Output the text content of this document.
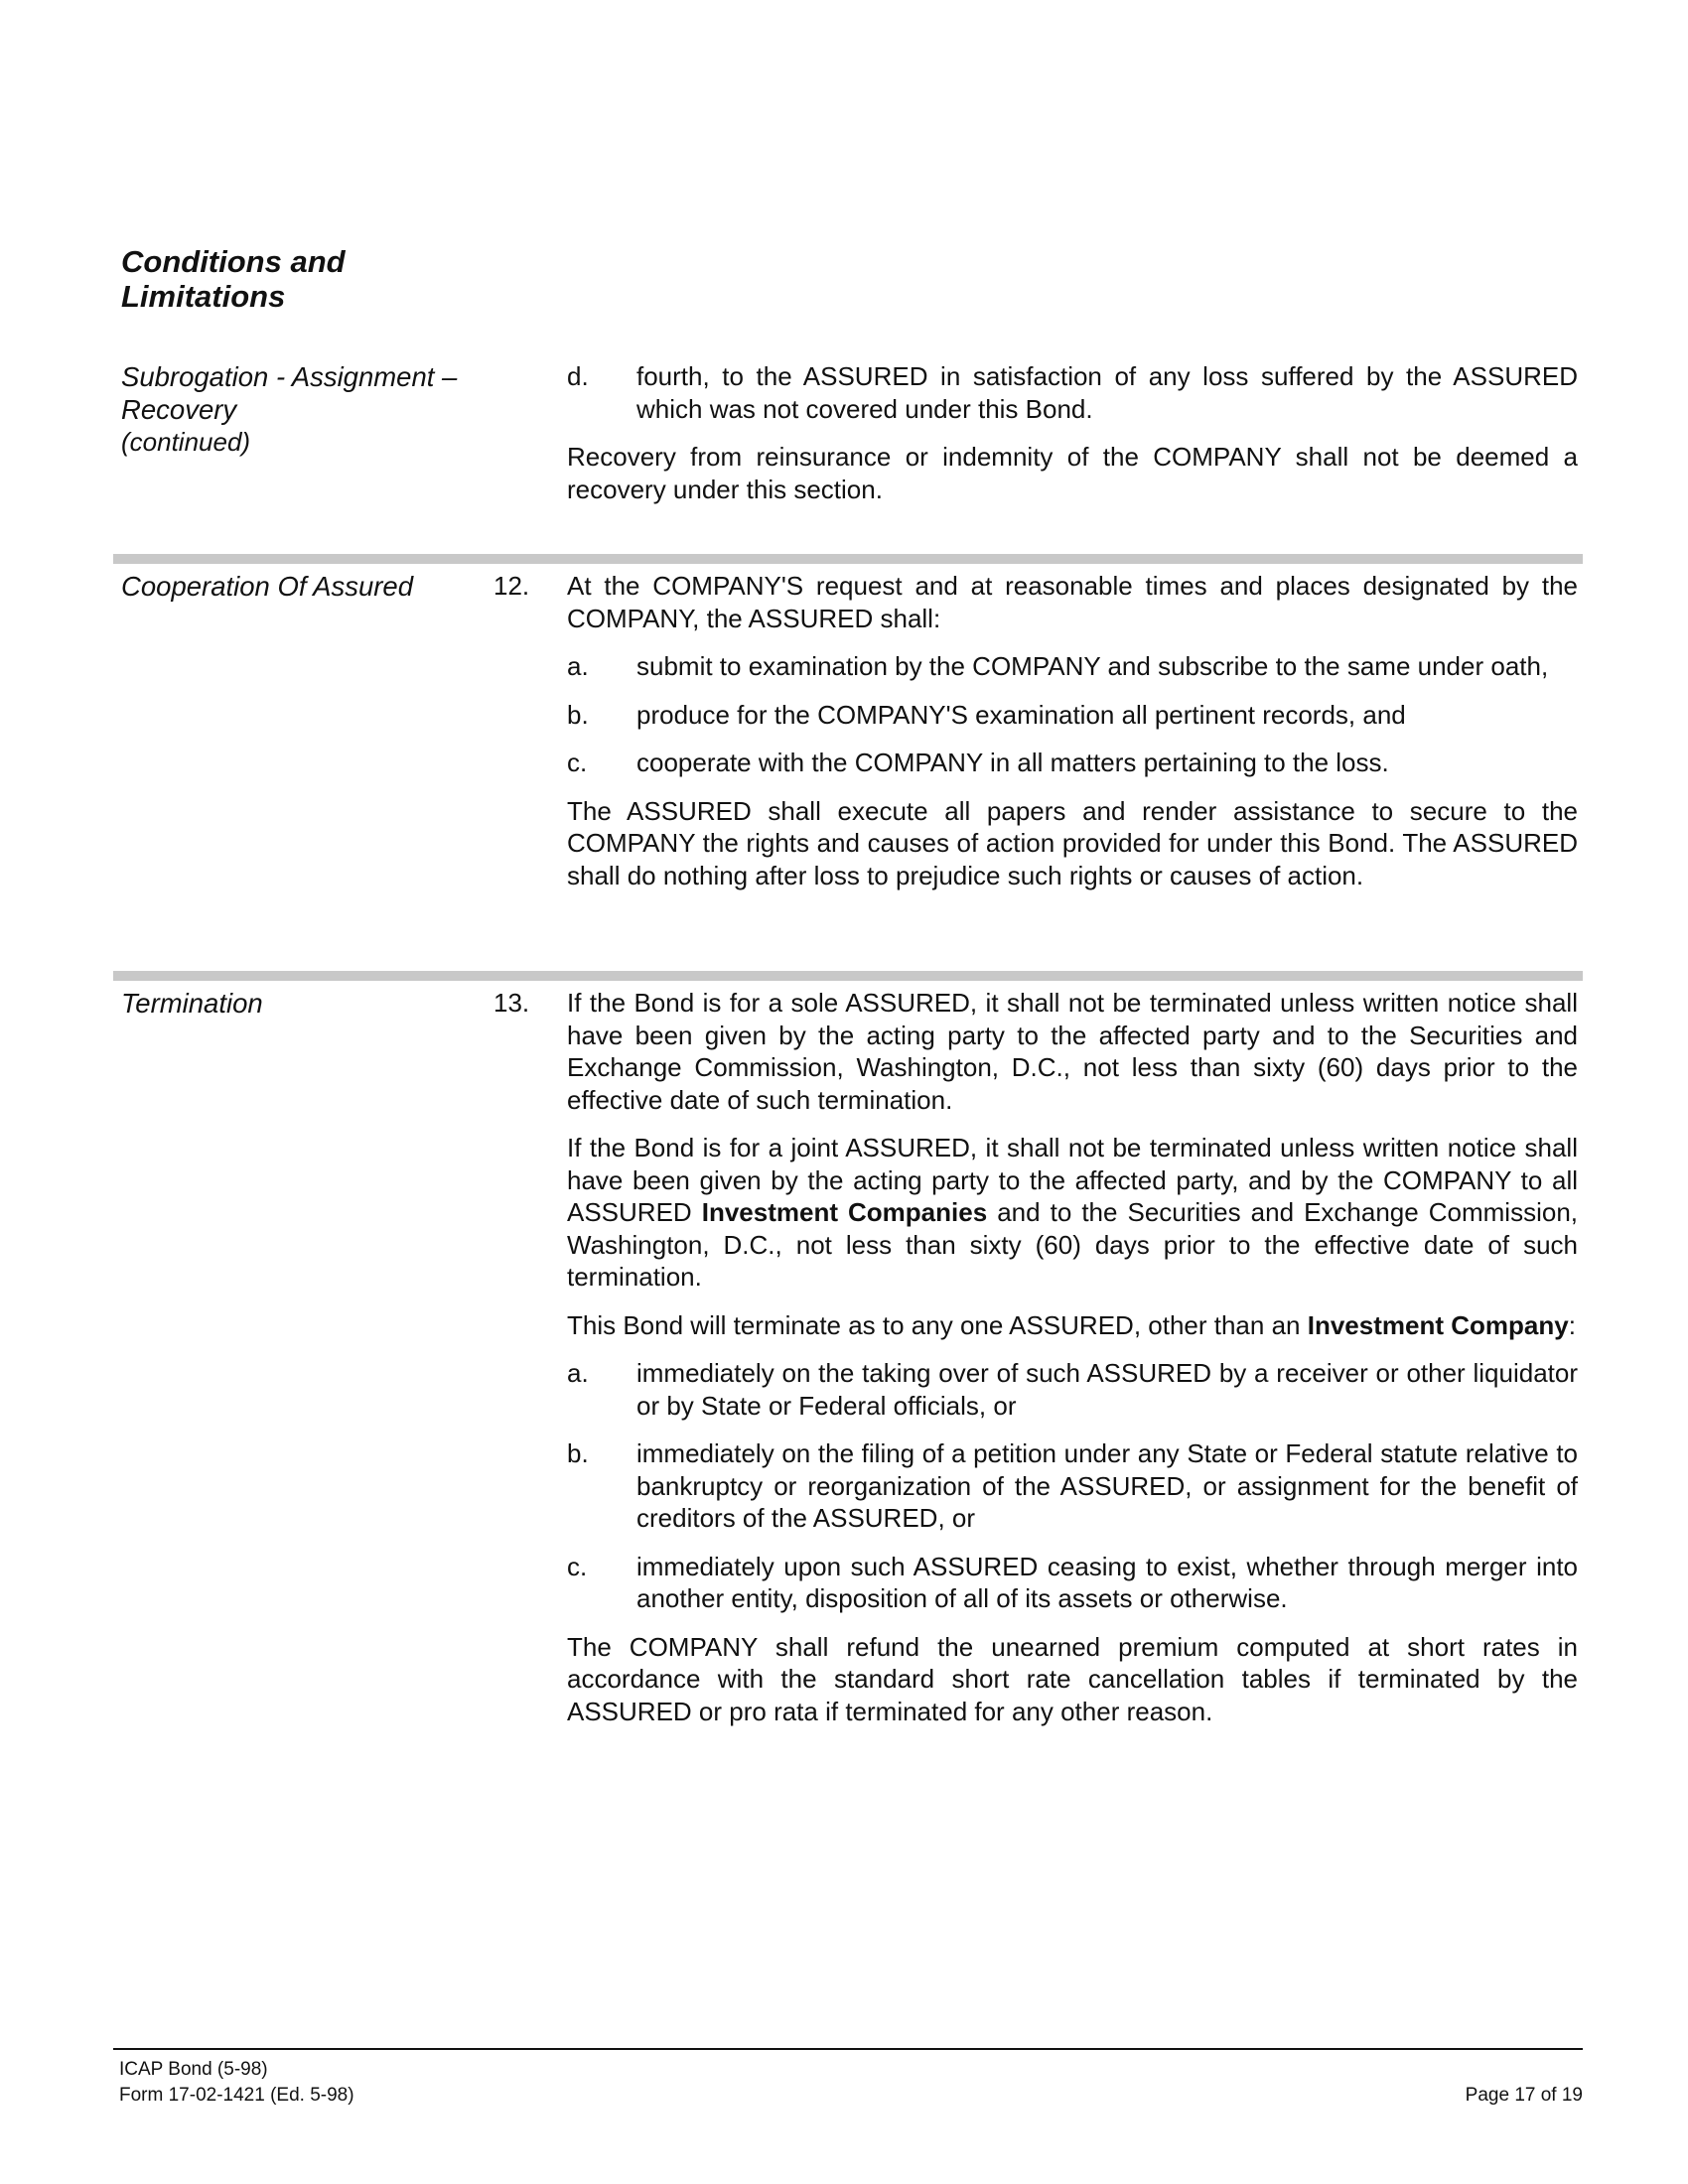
Conditions and
Limitations
Subrogation - Assignment –
Recovery
(continued)
d. fourth, to the ASSURED in satisfaction of any loss suffered by the ASSURED which was not covered under this Bond.
Recovery from reinsurance or indemnity of the COMPANY shall not be deemed a recovery under this section.
Cooperation Of Assured	12. At the COMPANY'S request and at reasonable times and places designated by the COMPANY, the ASSURED shall:
a. submit to examination by the COMPANY and subscribe to the same under oath,
b. produce for the COMPANY'S examination all pertinent records, and
c. cooperate with the COMPANY in all matters pertaining to the loss.
The ASSURED shall execute all papers and render assistance to secure to the COMPANY the rights and causes of action provided for under this Bond. The ASSURED shall do nothing after loss to prejudice such rights or causes of action.
Termination	13. If the Bond is for a sole ASSURED, it shall not be terminated unless written notice shall have been given by the acting party to the affected party and to the Securities and Exchange Commission, Washington, D.C., not less than sixty (60) days prior to the effective date of such termination.
If the Bond is for a joint ASSURED, it shall not be terminated unless written notice shall have been given by the acting party to the affected party, and by the COMPANY to all ASSURED Investment Companies and to the Securities and Exchange Commission, Washington, D.C., not less than sixty (60) days prior to the effective date of such termination.
This Bond will terminate as to any one ASSURED, other than an Investment Company:
a. immediately on the taking over of such ASSURED by a receiver or other liquidator or by State or Federal officials, or
b. immediately on the filing of a petition under any State or Federal statute relative to bankruptcy or reorganization of the ASSURED, or assignment for the benefit of creditors of the ASSURED, or
c. immediately upon such ASSURED ceasing to exist, whether through merger into another entity, disposition of all of its assets or otherwise.
The COMPANY shall refund the unearned premium computed at short rates in accordance with the standard short rate cancellation tables if terminated by the ASSURED or pro rata if terminated for any other reason.
ICAP Bond (5-98)
Form 17-02-1421 (Ed. 5-98)	Page 17 of 19
